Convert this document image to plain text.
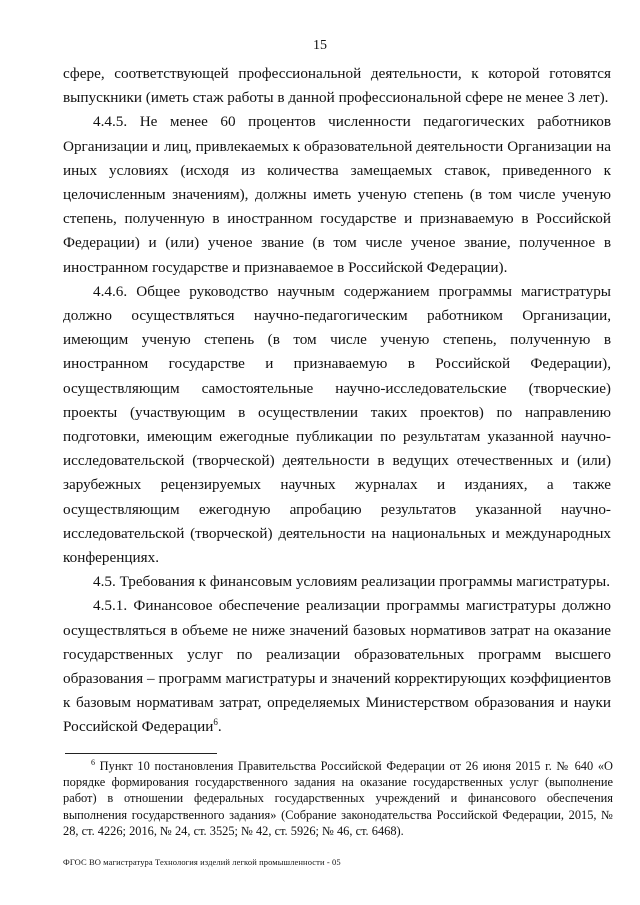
15

сфере, соответствующей профессиональной деятельности, к которой готовятся выпускники (иметь стаж работы в данной профессиональной сфере не менее 3 лет).

4.4.5. Не менее 60 процентов численности педагогических работников Организации и лиц, привлекаемых к образовательной деятельности Организации на иных условиях (исходя из количества замещаемых ставок, приведенного к целочисленным значениям), должны иметь ученую степень (в том числе ученую степень, полученную в иностранном государстве и признаваемую в Российской Федерации) и (или) ученое звание (в том числе ученое звание, полученное в иностранном государстве и признаваемое в Российской Федерации).

4.4.6. Общее руководство научным содержанием программы магистратуры должно осуществляться научно-педагогическим работником Организации, имеющим ученую степень (в том числе ученую степень, полученную в иностранном государстве и признаваемую в Российской Федерации), осуществляющим самостоятельные научно-исследовательские (творческие) проекты (участвующим в осуществлении таких проектов) по направлению подготовки, имеющим ежегодные публикации по результатам указанной научно-исследовательской (творческой) деятельности в ведущих отечественных и (или) зарубежных рецензируемых научных журналах и изданиях, а также осуществляющим ежегодную апробацию результатов указанной научно-исследовательской (творческой) деятельности на национальных и международных конференциях.

4.5. Требования к финансовым условиям реализации программы магистратуры.

4.5.1. Финансовое обеспечение реализации программы магистратуры должно осуществляться в объеме не ниже значений базовых нормативов затрат на оказание государственных услуг по реализации образовательных программ высшего образования – программ магистратуры и значений корректирующих коэффициентов к базовым нормативам затрат, определяемых Министерством образования и науки Российской Федерации$^6$.

$^6$ Пункт 10 постановления Правительства Российской Федерации от 26 июня 2015 г. № 640 «О порядке формирования государственного задания на оказание государственных услуг (выполнение работ) в отношении федеральных государственных учреждений и финансового обеспечения выполнения государственного задания» (Собрание законодательства Российской Федерации, 2015, № 28, ст. 4226; 2016, № 24, ст. 3525; № 42, ст. 5926; № 46, ст. 6468).
ФГОС ВО магистратура Технология изделий легкой промышленности - 05
